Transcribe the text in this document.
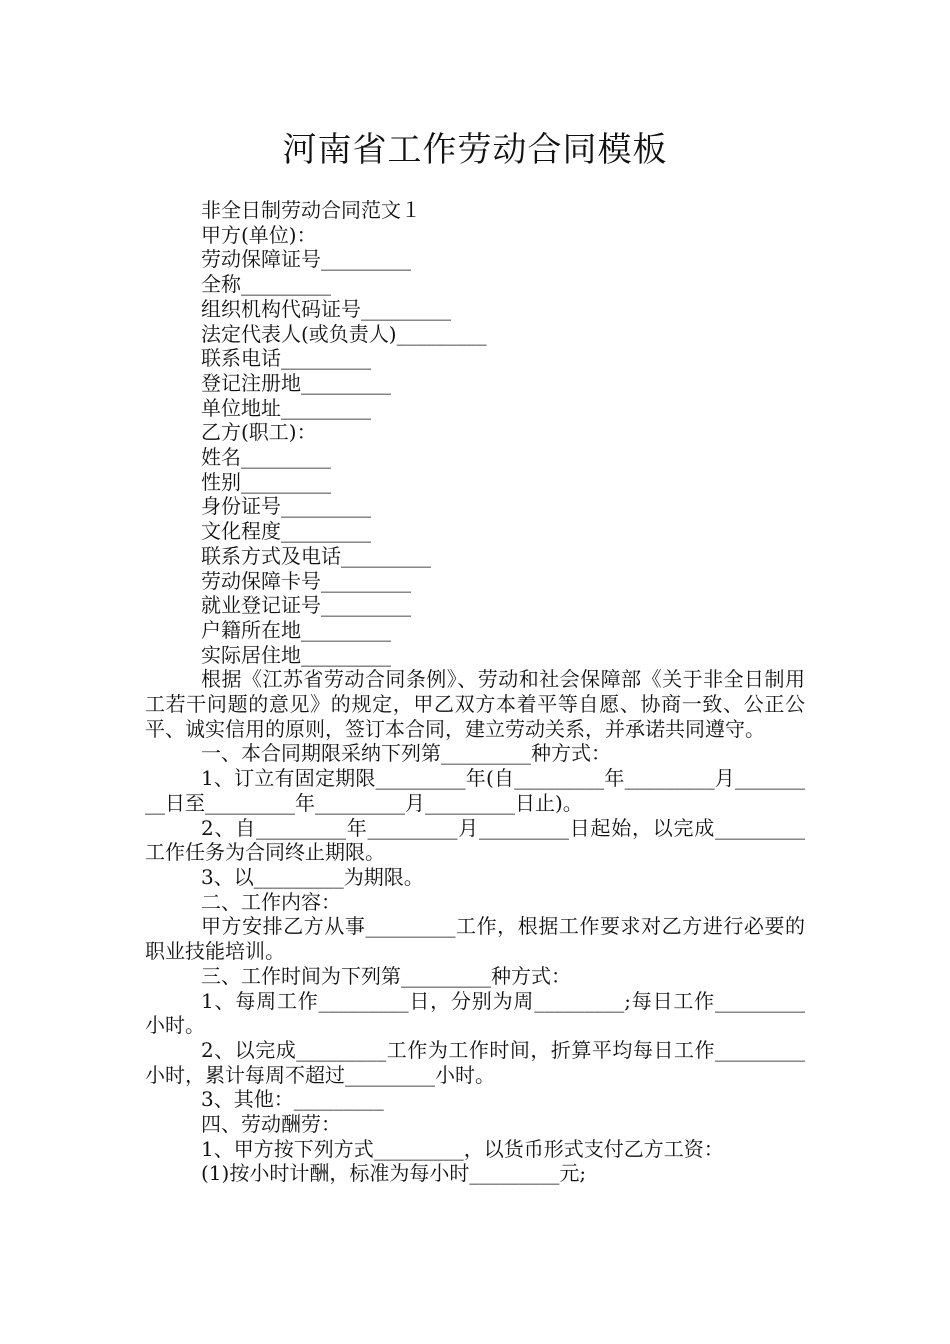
河南省工作劳动合同模板

非全日制劳动合同范文１

甲方(单位)：

劳动保障证号_________

全称_________

组织机构代码证号_________

法定代表人(或负责人)_________

联系电话_________

登记注册地_________

单位地址_________

乙方(职工)：

姓名_________

性别_________

身份证号_________

文化程度_________

联系方式及电话_________

劳动保障卡号_________

就业登记证号_________

户籍所在地_________

实际居住地_________

根据《江苏省劳动合同条例》、劳动和社会保障部《关于非全日制用工若干问题的意见》的规定，甲乙双方本着平等自愿、协商一致、公正公平、诚实信用的原则，签订本合同，建立劳动关系，并承诺共同遵守。

一、本合同期限采纳下列第_________种方式：

1、订立有固定期限_________年(自_________年_________月_________日至_________年_________月_________日止)。

2、自_________年_________月_________日起始，以完成_________工作任务为合同终止期限。

3、以_________为期限。

二、工作内容：

甲方安排乙方从事_________工作，根据工作要求对乙方进行必要的职业技能培训。

三、工作时间为下列第_________种方式：

1、每周工作_________日，分别为周_________;每日工作_________小时。

2、以完成_________工作为工作时间，折算平均每日工作_________小时，累计每周不超过_________小时。

3、其他：_________

四、劳动酬劳：

1、甲方按下列方式_________，以货币形式支付乙方工资：

(1)按小时计酬，标准为每小时_________元;
